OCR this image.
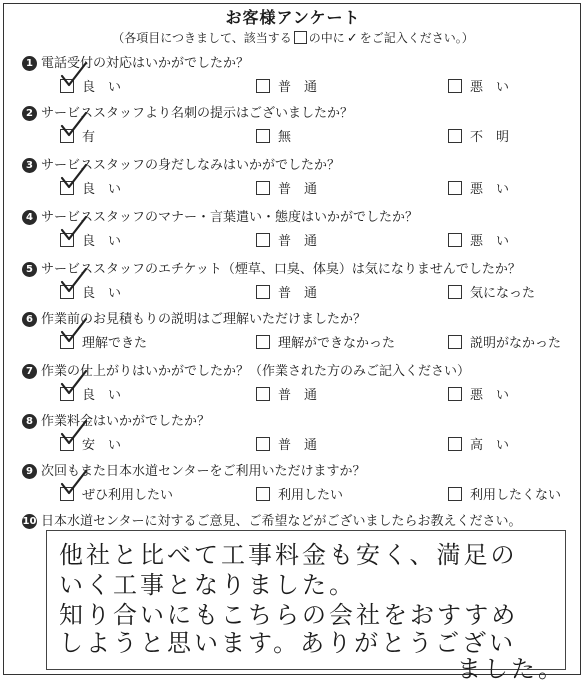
お客様アンケート
（各項目につきまして、該当する の中に ✓ をご記入ください。）
1 電話受付の対応はいかがでしたか？
良　い	普　通	悪　い
2 サービススタッフより名刺の提示はございましたか？
有	無	不　明
3 サービススタッフの身だしなみはいかがでしたか？
良　い	普　通	悪　い
4 サービススタッフのマナー・言葉遣い・態度はいかがでしたか？
良　い	普　通	悪　い
5 サービススタッフのエチケット（煙草、口臭、体臭）は気になりませんでしたか？
良　い	普　通	気になった
6 作業前のお見積もりの説明はご理解いただけましたか？
理解できた	理解ができなかった	説明がなかった
7 作業の仕上がりはいかがでしたか？（作業された方のみご記入ください）
良　い	普　通	悪　い
8 作業料金はいかがでしたか？
安　い	普　通	高　い
9 次回もまた日本水道センターをご利用いただけますか？
ぜひ利用したい	利用したい	利用したくない
10 日本水道センターに対するご意見、ご希望などがございましたらお教えください。
他社と比べて工事料金も安く、満足の
いく工事となりました。
知り合いにもこちらの会社をおすすめ
しようと思います。ありがとうござい
ました。
